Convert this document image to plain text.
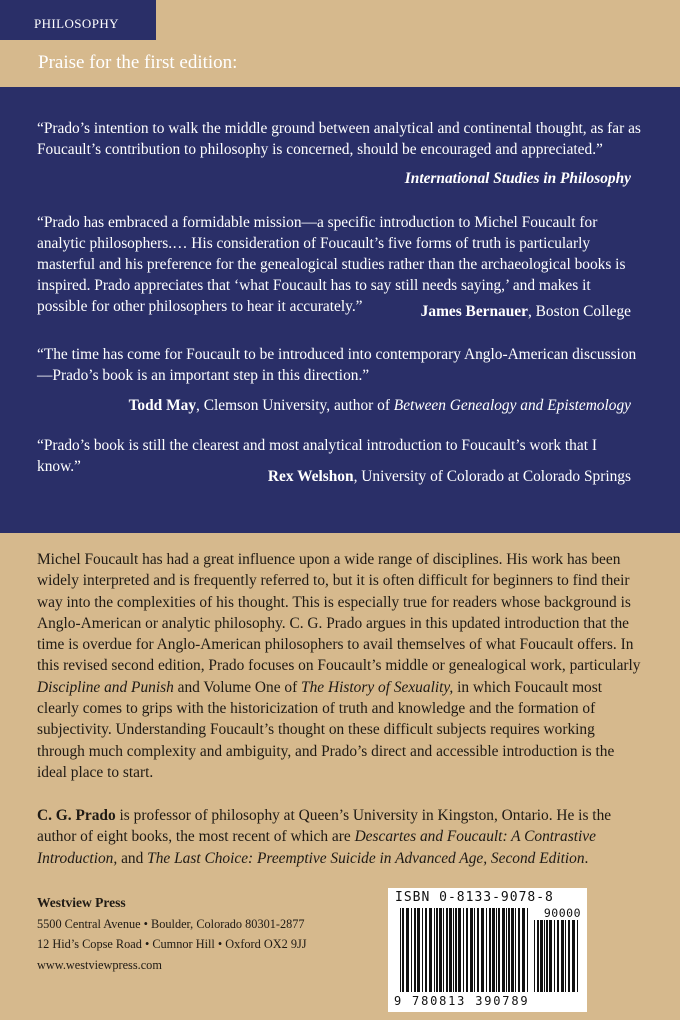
PHILOSOPHY
Praise for the first edition:
“Prado’s intention to walk the middle ground between analytical and continental thought, as far as Foucault’s contribution to philosophy is concerned, should be encouraged and appreciated.”
International Studies in Philosophy
“Prado has embraced a formidable mission—a specific introduction to Michel Foucault for analytic philosophers.… His consideration of Foucault’s five forms of truth is particularly masterful and his preference for the genealogical studies rather than the archaeological books is inspired. Prado appreciates that ‘what Foucault has to say still needs saying,’ and makes it possible for other philosophers to hear it accurately.”	James Bernauer, Boston College
“The time has come for Foucault to be introduced into contemporary Anglo-American discussion—Prado’s book is an important step in this direction.”
Todd May, Clemson University, author of Between Genealogy and Epistemology
“Prado’s book is still the clearest and most analytical introduction to Foucault’s work that I know.”
Rex Welshon, University of Colorado at Colorado Springs
Michel Foucault has had a great influence upon a wide range of disciplines. His work has been widely interpreted and is frequently referred to, but it is often difficult for beginners to find their way into the complexities of his thought. This is especially true for readers whose background is Anglo-American or analytic philosophy. C. G. Prado argues in this updated introduction that the time is overdue for Anglo-American philosophers to avail themselves of what Foucault offers. In this revised second edition, Prado focuses on Foucault’s middle or genealogical work, particularly Discipline and Punish and Volume One of The History of Sexuality, in which Foucault most clearly comes to grips with the historicization of truth and knowledge and the formation of subjectivity. Understanding Foucault’s thought on these difficult subjects requires working through much complexity and ambiguity, and Prado’s direct and accessible introduction is the ideal place to start.
C. G. Prado is professor of philosophy at Queen’s University in Kingston, Ontario. He is the author of eight books, the most recent of which are Descartes and Foucault: A Contrastive Introduction, and The Last Choice: Preemptive Suicide in Advanced Age, Second Edition.
Westview Press
5500 Central Avenue • Boulder, Colorado 80301-2877
12 Hid’s Copse Road • Cumnor Hill • Oxford OX2 9JJ
www.westviewpress.com
ISBN 0-8133-9078-8
90000
9 780813 390789
